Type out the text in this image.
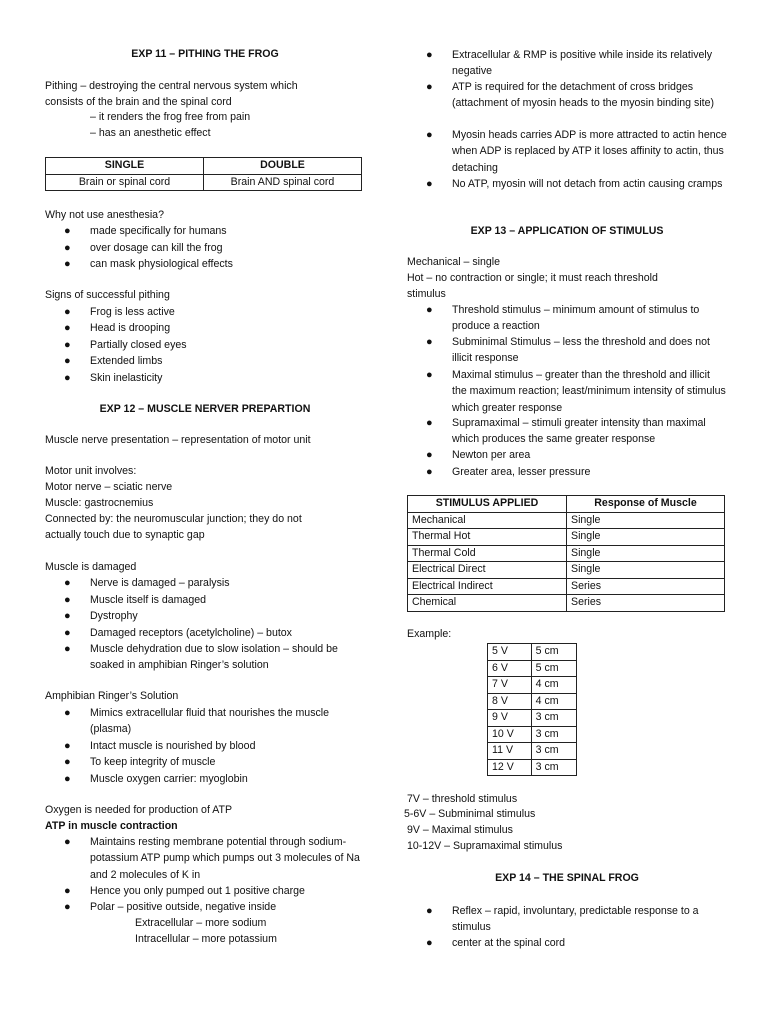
EXP 11 – PITHING THE FROG
Pithing – destroying the central nervous system which
consists of the brain and the spinal cord
– it renders the frog free from pain
– has an anesthetic effect
SINGLE	DOUBLE
Brain or spinal cord	Brain AND spinal cord
Why not use anesthesia?
● made specifically for humans
● over dosage can kill the frog
● can mask physiological effects
Signs of successful pithing
● Frog is less active
● Head is drooping
● Partially closed eyes
● Extended limbs
● Skin inelasticity
EXP 12 – MUSCLE NERVER PREPARTION
Muscle nerve presentation – representation of motor unit
Motor unit involves:
Motor nerve – sciatic nerve
Muscle: gastrocnemius
Connected by: the neuromuscular junction; they do not
actually touch due to synaptic gap
Muscle is damaged
● Nerve is damaged – paralysis
● Muscle itself is damaged
● Dystrophy
● Damaged receptors (acetylcholine) – butox
● Muscle dehydration due to slow isolation – should be soaked in amphibian Ringer’s solution
Amphibian Ringer’s Solution
● Mimics extracellular fluid that nourishes the muscle (plasma)
● Intact muscle is nourished by blood
● To keep integrity of muscle
● Muscle oxygen carrier: myoglobin
Oxygen is needed for production of ATP
ATP in muscle contraction
● Maintains resting membrane potential through sodium-potassium ATP pump which pumps out 3 molecules of Na and 2 molecules of K in
● Hence you only pumped out 1 positive charge
● Polar – positive outside, negative inside
Extracellular – more sodium
Intracellular – more potassium
● Extracellular & RMP is positive while inside its relatively negative
● ATP is required for the detachment of cross bridges (attachment of myosin heads to the myosin binding site)
● Myosin heads carries ADP is more attracted to actin hence when ADP is replaced by ATP it loses affinity to actin, thus detaching
● No ATP, myosin will not detach from actin causing cramps
EXP 13 – APPLICATION OF STIMULUS
Mechanical – single
Hot – no contraction or single; it must reach threshold
stimulus
● Threshold stimulus – minimum amount of stimulus to produce a reaction
● Subminimal Stimulus – less the threshold and does not illicit response
● Maximal stimulus – greater than the threshold and illicit the maximum reaction; least/minimum intensity of stimulus which greater response
● Supramaximal – stimuli greater intensity than maximal which produces the same greater response
● Newton per area
● Greater area, lesser pressure
STIMULUS APPLIED	Response of Muscle
Mechanical	Single
Thermal Hot	Single
Thermal Cold	Single
Electrical Direct	Single
Electrical Indirect	Series
Chemical	Series
Example:
5 V	5 cm
6 V	5 cm
7 V	4 cm
8 V	4 cm
9 V	3 cm
10 V	3 cm
11 V	3 cm
12 V	3 cm
7V – threshold stimulus
5-6V – Subminimal stimulus
9V – Maximal stimulus
10-12V – Supramaximal stimulus
EXP 14 – THE SPINAL FROG
● Reflex – rapid, involuntary, predictable response to a stimulus
● center at the spinal cord
